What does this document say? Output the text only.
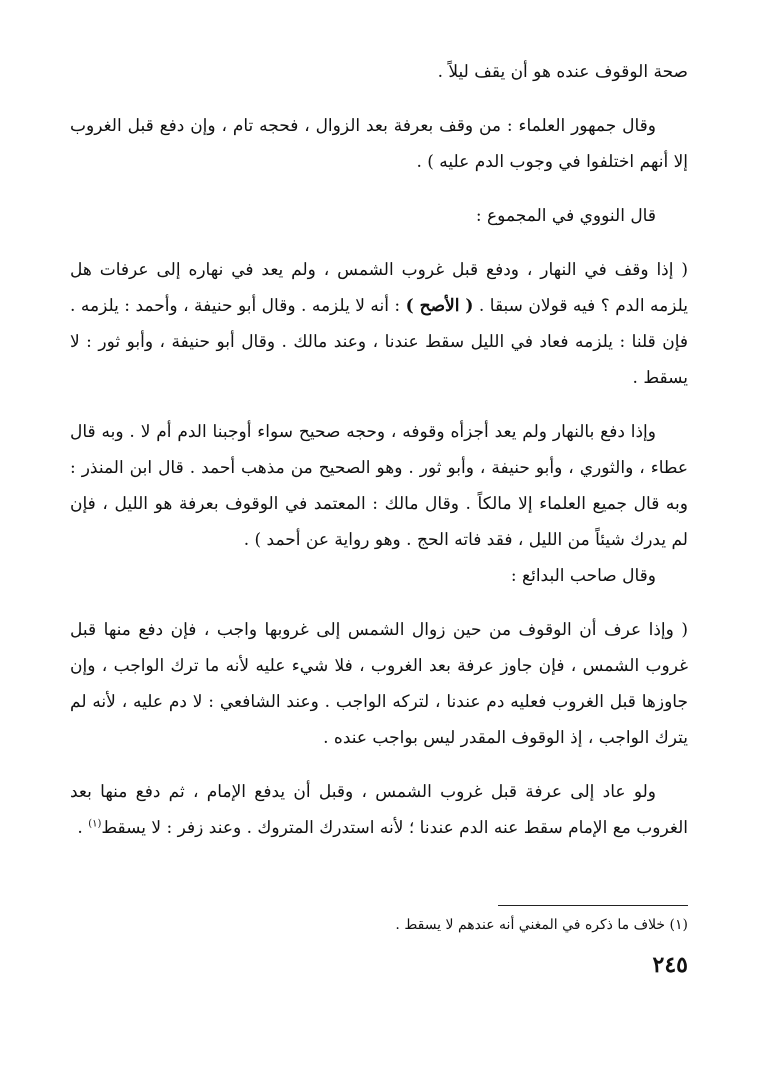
صحة الوقوف عنده هو أن يقف ليلاً .

وقال جمهور العلماء : من وقف بعرفة بعد الزوال ، فحجه تام ، وإن دفع قبل الغروب إلا أنهم اختلفوا في وجوب الدم عليه ) .

قال النووي في المجموع :

( إذا وقف في النهار ، ودفع قبل غروب الشمس ، ولم يعد في نهاره إلى عرفات هل يلزمه الدم ؟ فيه قولان سبقا . ( الأصح ) : أنه لا يلزمه . وقال أبو حنيفة ، وأحمد : يلزمه . فإن قلنا : يلزمه فعاد في الليل سقط عندنا ، وعند مالك . وقال أبو حنيفة ، وأبو ثور : لا يسقط .

وإذا دفع بالنهار ولم يعد أجزأه وقوفه ، وحجه صحيح سواء أوجبنا الدم أم لا . وبه قال عطاء ، والثوري ، وأبو حنيفة ، وأبو ثور . وهو الصحيح من مذهب أحمد . قال ابن المنذر : وبه قال جميع العلماء إلا مالكاً . وقال مالك : المعتمد في الوقوف بعرفة هو الليل ، فإن لم يدرك شيئاً من الليل ، فقد فاته الحج . وهو رواية عن أحمد ) .

وقال صاحب البدائع :

( وإذا عرف أن الوقوف من حين زوال الشمس إلى غروبها واجب ، فإن دفع منها قبل غروب الشمس ، فإن جاوز عرفة بعد الغروب ، فلا شيء عليه لأنه ما ترك الواجب ، وإن جاوزها قبل الغروب فعليه دم عندنا ، لتركه الواجب . وعند الشافعي : لا دم عليه ، لأنه لم يترك الواجب ، إذ الوقوف المقدر ليس بواجب عنده .

ولو عاد إلى عرفة قبل غروب الشمس ، وقبل أن يدفع الإمام ، ثم دفع منها بعد الغروب مع الإمام سقط عنه الدم عندنا ؛ لأنه استدرك المتروك . وعند زفر : لا يسقط$^{(١)}$ .

(١) خلاف ما ذكره في المغني أنه عندهم لا يسقط .
٢٤٥
